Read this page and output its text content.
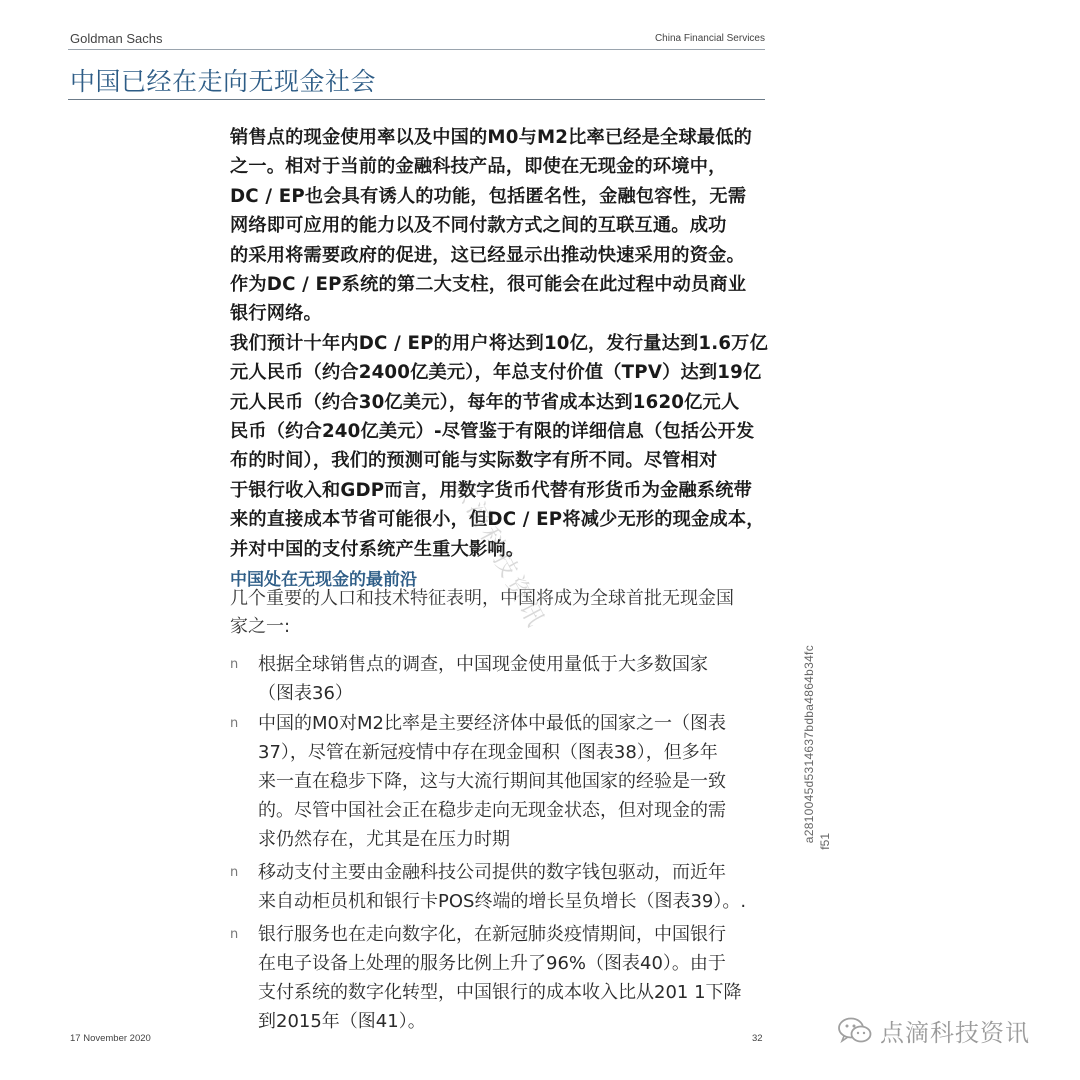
Goldman Sachs	China Financial Services
中国已经在走向无现金社会

销售点的现金使用率以及中国的M0与M2比率已经是全球最低的
之一。相对于当前的金融科技产品，即使在无现金的环境中，
DC / EP也会具有诱人的功能，包括匿名性，金融包容性，无需
网络即可应用的能力以及不同付款方式之间的互联互通。成功
的采用将需要政府的促进，这已经显示出推动快速采用的资金。
作为DC / EP系统的第二大支柱，很可能会在此过程中动员商业
银行网络。

我们预计十年内DC / EP的用户将达到10亿，发行量达到1.6万亿
元人民币（约合2400亿美元），年总支付价值（TPV）达到19亿
元人民币（约合30亿美元），每年的节省成本达到1620亿元人
民币（约合240亿美元）-尽管鉴于有限的详细信息（包括公开发
布的时间），我们的预测可能与实际数字有所不同。尽管相对
于银行收入和GDP而言，用数字货币代替有形货币为金融系统带
来的直接成本节省可能很小，但DC / EP将减少无形的现金成本，
并对中国的支付系统产生重大影响。

中国处在无现金的最前沿
几个重要的人口和技术特征表明，中国将成为全球首批无现金国
家之一:
n 根据全球销售点的调查，中国现金使用量低于大多数国家
（图表36）
n 中国的M0对M2比率是主要经济体中最低的国家之一（图表
37），尽管在新冠疫情中存在现金囤积（图表38），但多年
来一直在稳步下降，这与大流行期间其他国家的经验是一致
的。尽管中国社会正在稳步走向无现金状态，但对现金的需
求仍然存在，尤其是在压力时期
n 移动支付主要由金融科技公司提供的数字钱包驱动，而近年
来自动柜员机和银行卡POS终端的增长呈负增长（图表39）。.
n 银行服务也在走向数字化，在新冠肺炎疫情期间，中国银行
在电子设备上处理的服务比例上升了96%（图表40）。由于
支付系统的数字化转型，中国银行的成本收入比从201 1下降
到2015年（图41）。
a2810045d5314637bdba4864b34fc f51
点滴科技资讯
17 November 2020	32	点滴科技资讯
